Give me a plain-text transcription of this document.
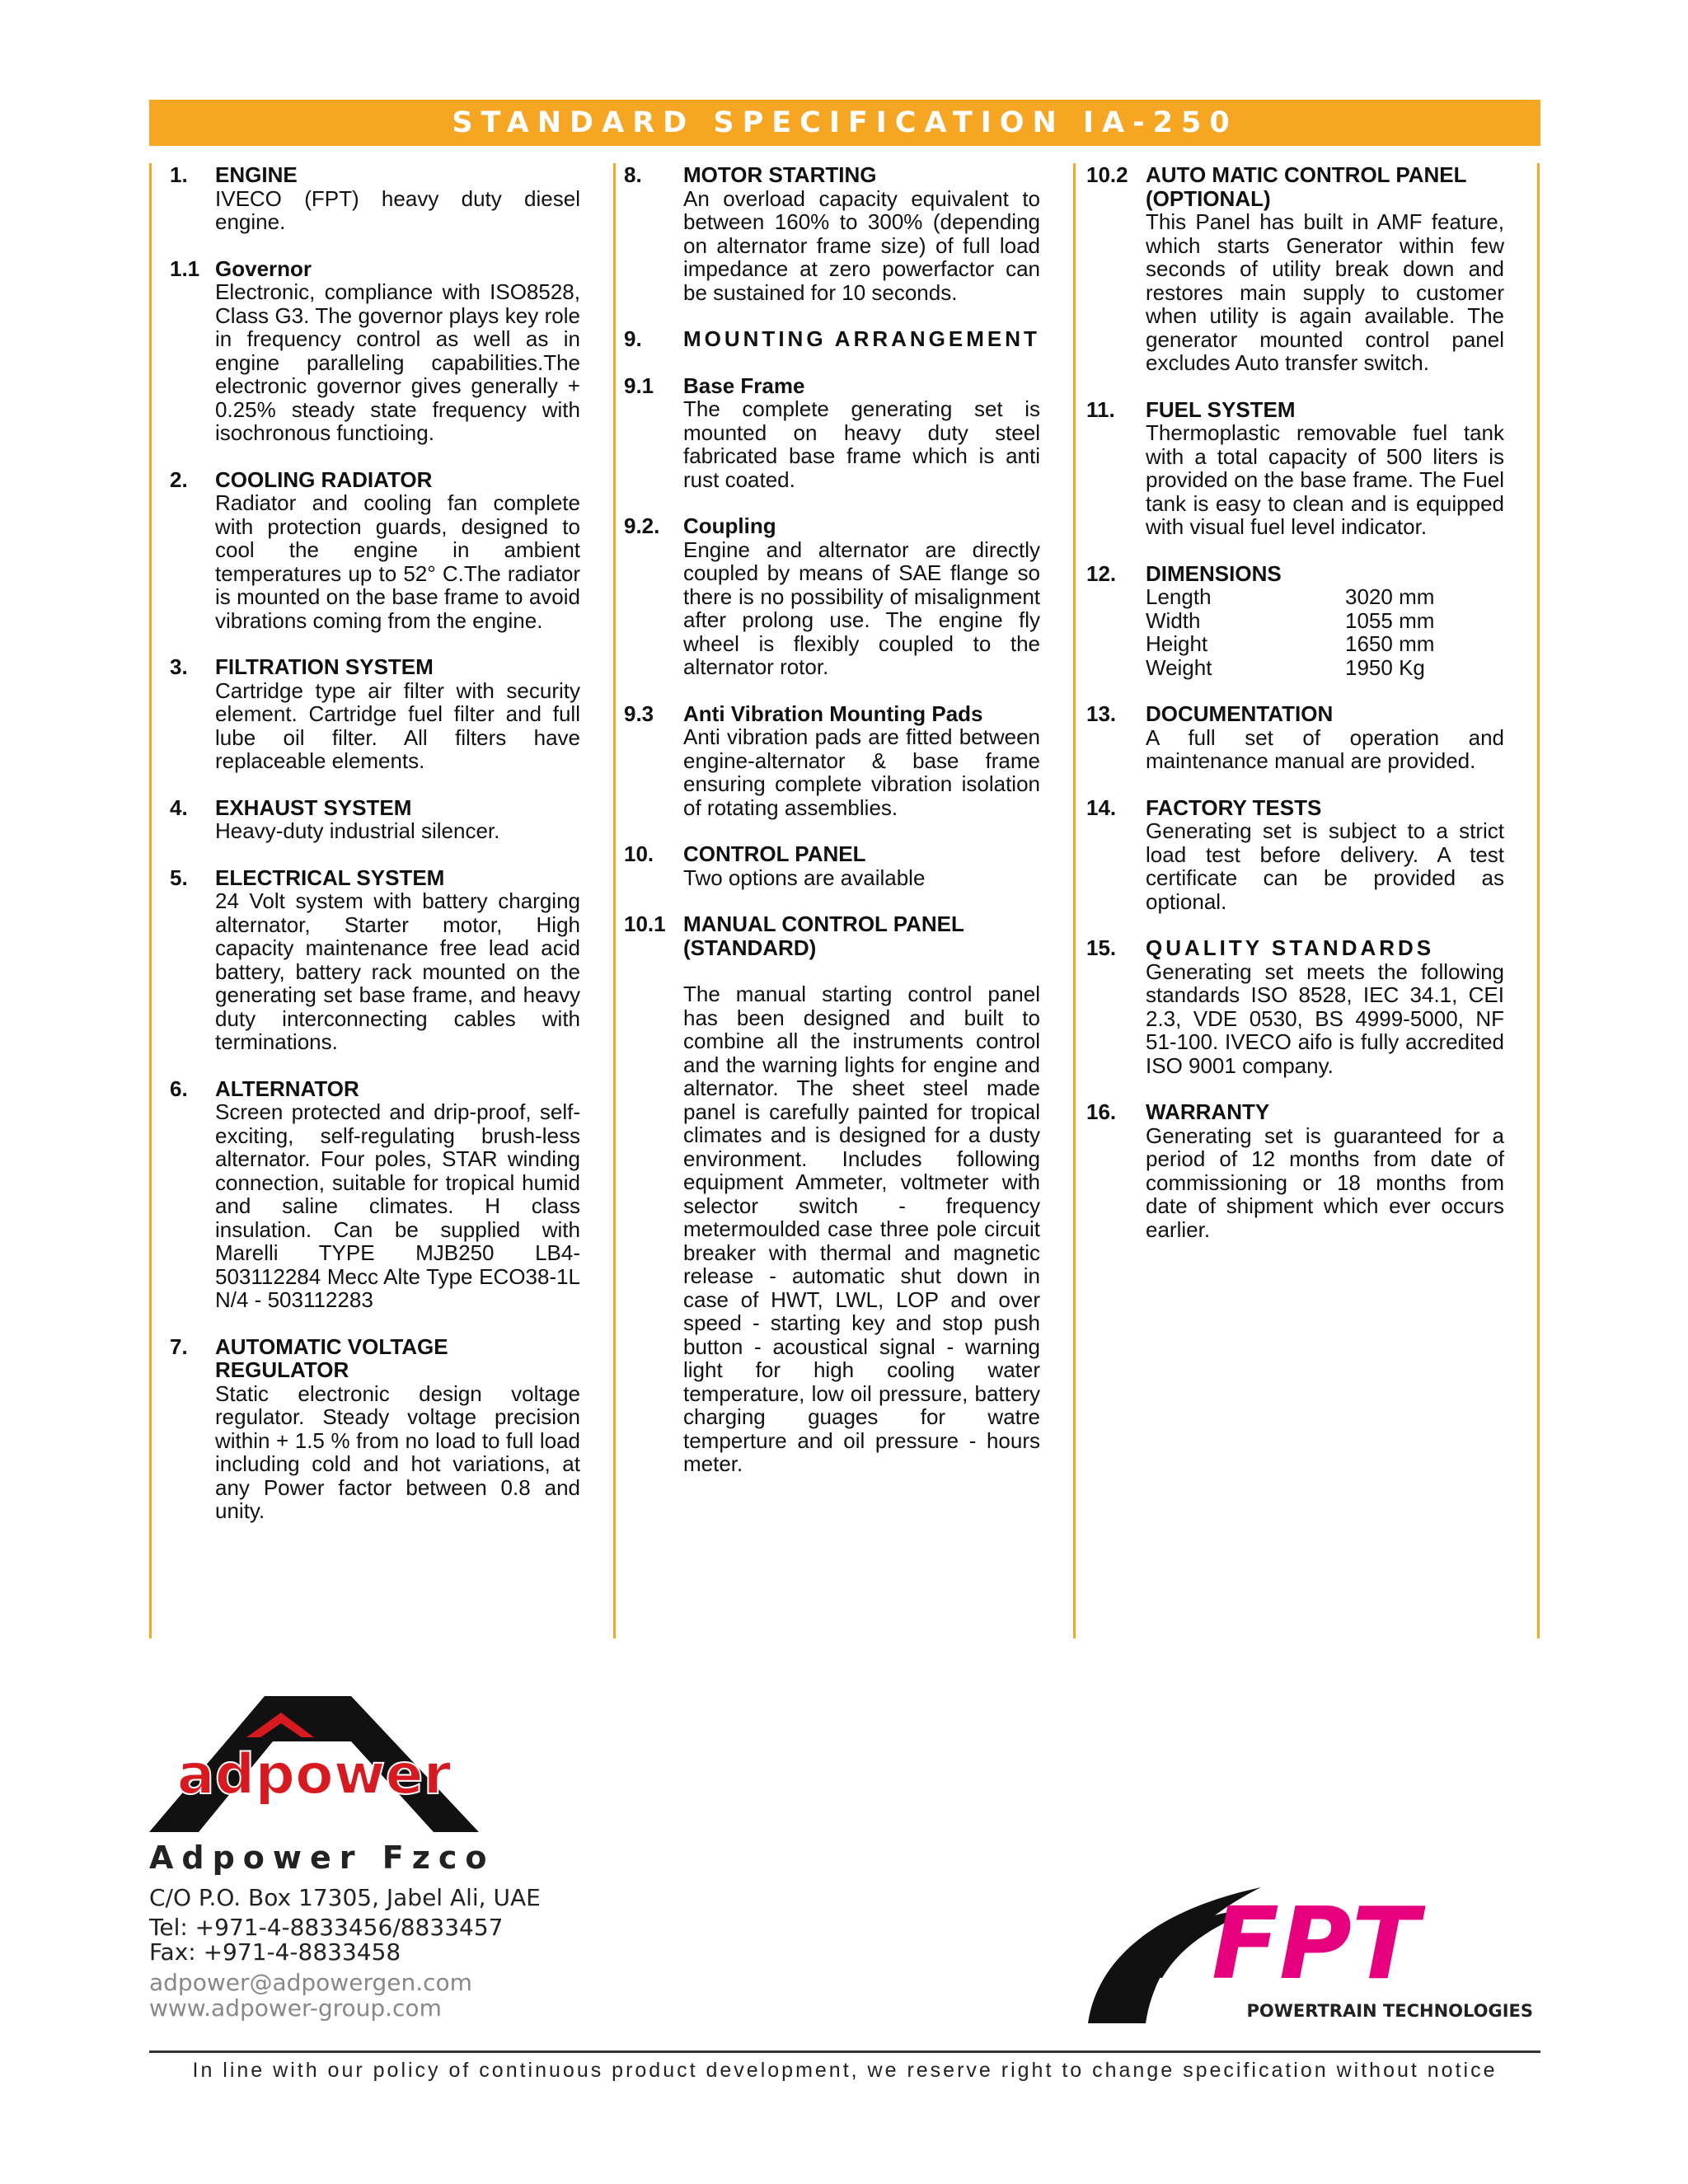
STANDARD SPECIFICATION IA-250
1.	ENGINE
IVECO (FPT) heavy duty diesel engine.
1.1 Governor
Electronic, compliance with ISO8528, Class G3. The governor plays key role in frequency control as well as in engine paralleling capabilities.The electronic governor gives generally + 0.25% steady state frequency with isochronous functioing.
2.	COOLING RADIATOR
Radiator and cooling fan complete with protection guards, designed to cool the engine in ambient temperatures up to 52° C.The radiator is mounted on the base frame to avoid vibrations coming from the engine.
3.	FILTRATION SYSTEM
Cartridge type air filter with security element. Cartridge fuel filter and full lube oil filter. All filters have replaceable elements.
4.	EXHAUST SYSTEM
Heavy-duty industrial silencer.
5.	ELECTRICAL SYSTEM
24 Volt system with battery charging alternator, Starter motor, High capacity maintenance free lead acid battery, battery rack mounted on the generating set base frame, and heavy duty interconnecting cables with terminations.
6.	ALTERNATOR
Screen protected and drip-proof, self-exciting, self-regulating brush-less alternator. Four poles, STAR winding connection, suitable for tropical humid and saline climates. H class insulation. Can be supplied with Marelli TYPE MJB250 LB4-503112284 Mecc Alte Type ECO38-1L N/4 - 503112283
7.	AUTOMATIC VOLTAGE REGULATOR
Static electronic design voltage regulator. Steady voltage precision within + 1.5 % from no load to full load including cold and hot variations, at any Power factor between 0.8 and unity.
8.	MOTOR STARTING
An overload capacity equivalent to between 160% to 300% (depending on alternator frame size) of full load impedance at zero powerfactor can be sustained for 10 seconds.
9.	MOUNTING ARRANGEMENT
9.1	Base Frame
The complete generating set is mounted on heavy duty steel fabricated base frame which is anti rust coated.
9.2.	Coupling
Engine and alternator are directly coupled by means of SAE flange so there is no possibility of misalignment after prolong use. The engine fly wheel is flexibly coupled to the alternator rotor.
9.3	Anti Vibration Mounting Pads
Anti vibration pads are fitted between engine-alternator & base frame ensuring complete vibration isolation of rotating assemblies.
10.	CONTROL PANEL
Two options are available
10.1 MANUAL CONTROL PANEL (STANDARD)
The manual starting control panel has been designed and built to combine all the instruments control and the warning lights for engine and alternator. The sheet steel made panel is carefully painted for tropical climates and is designed for a dusty environment. Includes following equipment Ammeter, voltmeter with selector switch - frequency metermoulded case three pole circuit breaker with thermal and magnetic release - automatic shut down in case of HWT, LWL, LOP and over speed - starting key and stop push button - acoustical signal - warning light for high cooling water temperature, low oil pressure, battery charging guages for watre temperture and oil pressure - hours meter.
10.2 AUTO MATIC CONTROL PANEL (OPTIONAL)
This Panel has built in AMF feature, which starts Generator within few seconds of utility break down and restores main supply to customer when utility is again available. The generator mounted control panel excludes Auto transfer switch.
11.	FUEL SYSTEM
Thermoplastic removable fuel tank with a total capacity of 500 liters is provided on the base frame. The Fuel tank is easy to clean and is equipped with visual fuel level indicator.
12.	DIMENSIONS
Length	3020 mm
Width	1055 mm
Height	1650 mm
Weight	1950 Kg
13.	DOCUMENTATION
A full set of operation and maintenance manual are provided.
14.	FACTORY TESTS
Generating set is subject to a strict load test before delivery. A test certificate can be provided as optional.
15.	QUALITY STANDARDS
Generating set meets the following standards ISO 8528, IEC 34.1, CEI 2.3, VDE 0530, BS 4999-5000, NF 51-100. IVECO aifo is fully accredited ISO 9001 company.
16.	WARRANTY
Generating set is guaranteed for a period of 12 months from date of commissioning or 18 months from date of shipment which ever occurs earlier.
adpower
Adpower Fzco
C/O P.O. Box 17305, Jabel Ali, UAE
Tel: +971-4-8833456/8833457
Fax: +971-4-8833458
adpower@adpowergen.com
www.adpower-group.com
FPT
POWERTRAIN TECHNOLOGIES
In line with our policy of continuous product development, we reserve right to change specification without notice
